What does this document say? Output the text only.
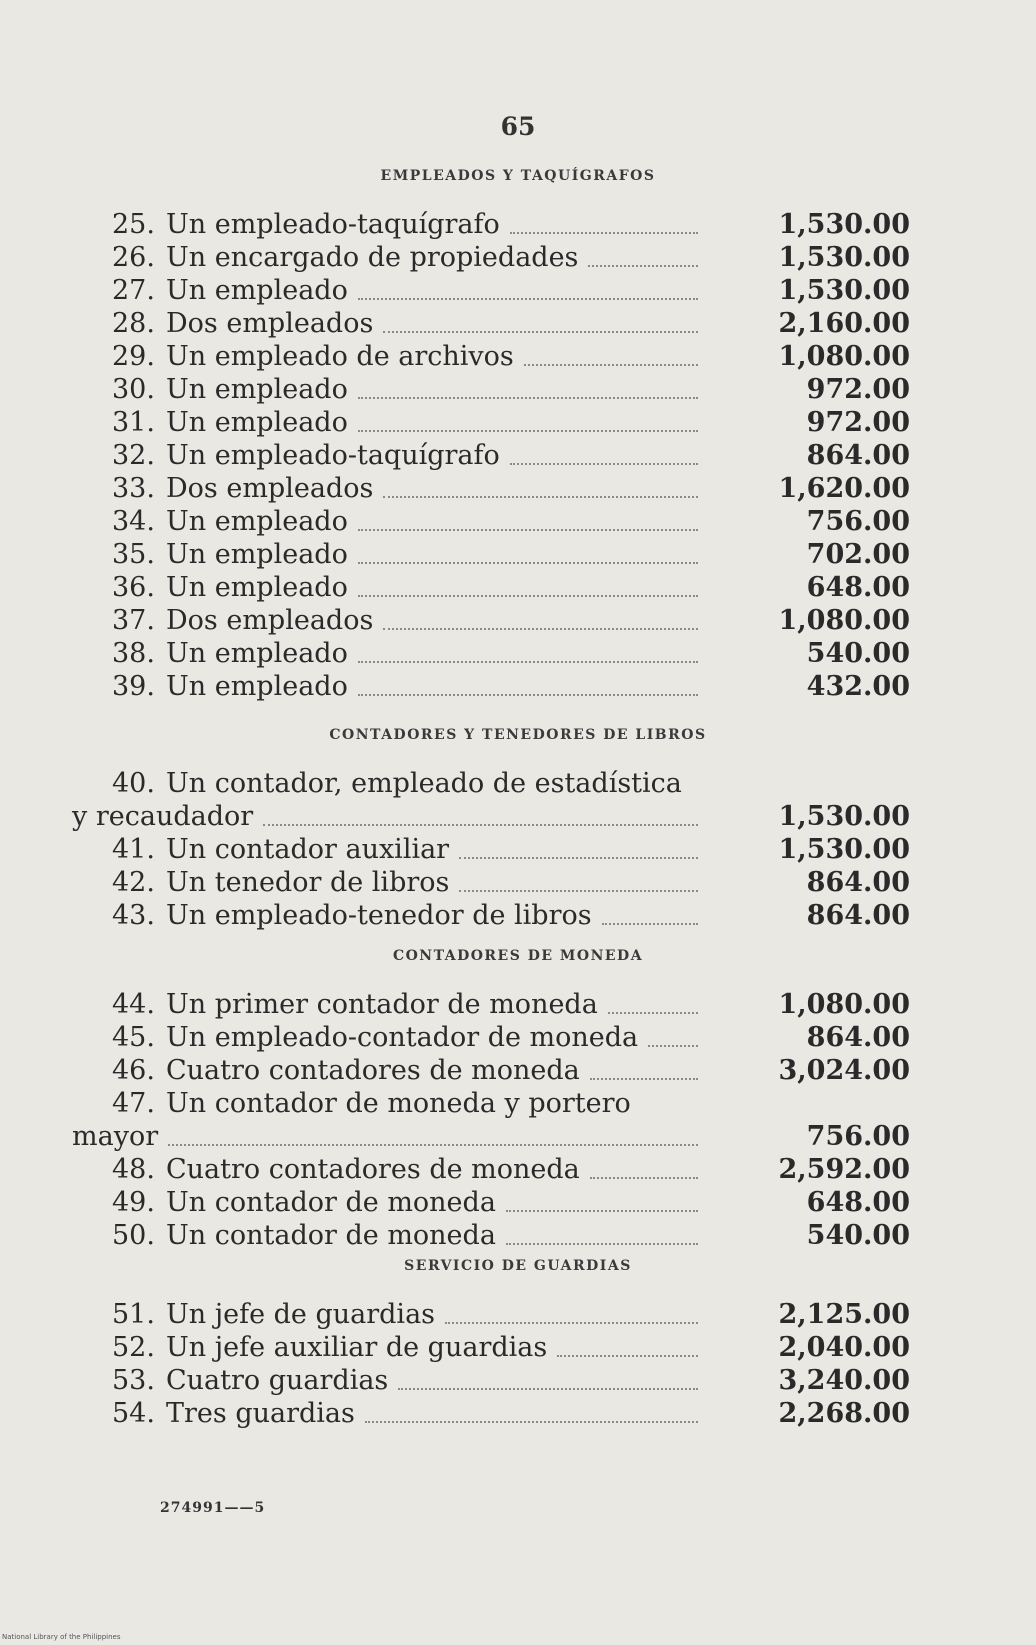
65
EMPLEADOS Y TAQUÍGRAFOS
25. Un empleado-taquígrafo	1,530.00
26. Un encargado de propiedades	1,530.00
27. Un empleado	1,530.00
28. Dos empleados	2,160.00
29. Un empleado de archivos	1,080.00
30. Un empleado	972.00
31. Un empleado	972.00
32. Un empleado-taquígrafo	864.00
33. Dos empleados	1,620.00
34. Un empleado	756.00
35. Un empleado	702.00
36. Un empleado	648.00
37. Dos empleados	1,080.00
38. Un empleado	540.00
39. Un empleado	432.00
CONTADORES Y TENEDORES DE LIBROS
40. Un contador, empleado de estadística
y recaudador	1,530.00
41. Un contador auxiliar	1,530.00
42. Un tenedor de libros	864.00
43. Un empleado-tenedor de libros	864.00
CONTADORES DE MONEDA
44. Un primer contador de moneda	1,080.00
45. Un empleado-contador de moneda	864.00
46. Cuatro contadores de moneda	3,024.00
47. Un contador de moneda y portero
mayor	756.00
48. Cuatro contadores de moneda	2,592.00
49. Un contador de moneda	648.00
50. Un contador de moneda	540.00
SERVICIO DE GUARDIAS
51. Un jefe de guardias	2,125.00
52. Un jefe auxiliar de guardias	2,040.00
53. Cuatro guardias	3,240.00
54. Tres guardias	2,268.00
274991——5
National Library of the Philippines
